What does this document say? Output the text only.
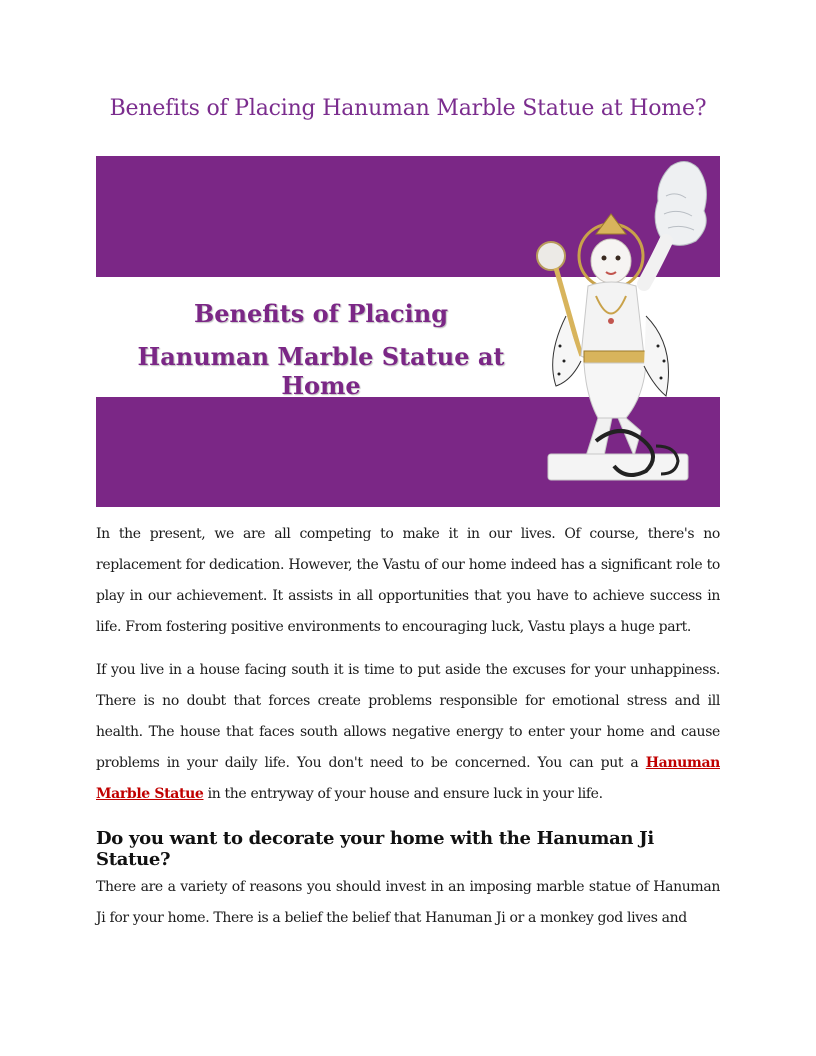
Benefits of Placing Hanuman Marble Statue at Home?
Benefits of Placing
Hanuman Marble Statue at Home

In the present, we are all competing to make it in our lives. Of course, there's no replacement for dedication. However, the Vastu of our home indeed has a significant role to play in our achievement. It assists in all opportunities that you have to achieve success in life. From fostering positive environments to encouraging luck, Vastu plays a huge part.

If you live in a house facing south it is time to put aside the excuses for your unhappiness. There is no doubt that forces create problems responsible for emotional stress and ill health. The house that faces south allows negative energy to enter your home and cause problems in your daily life. You don't need to be concerned. You can put a Hanuman Marble Statue in the entryway of your house and ensure luck in your life.

Do you want to decorate your home with the Hanuman Ji Statue?

There are a variety of reasons you should invest in an imposing marble statue of Hanuman Ji for your home. There is a belief the belief that Hanuman Ji or a monkey god lives and
